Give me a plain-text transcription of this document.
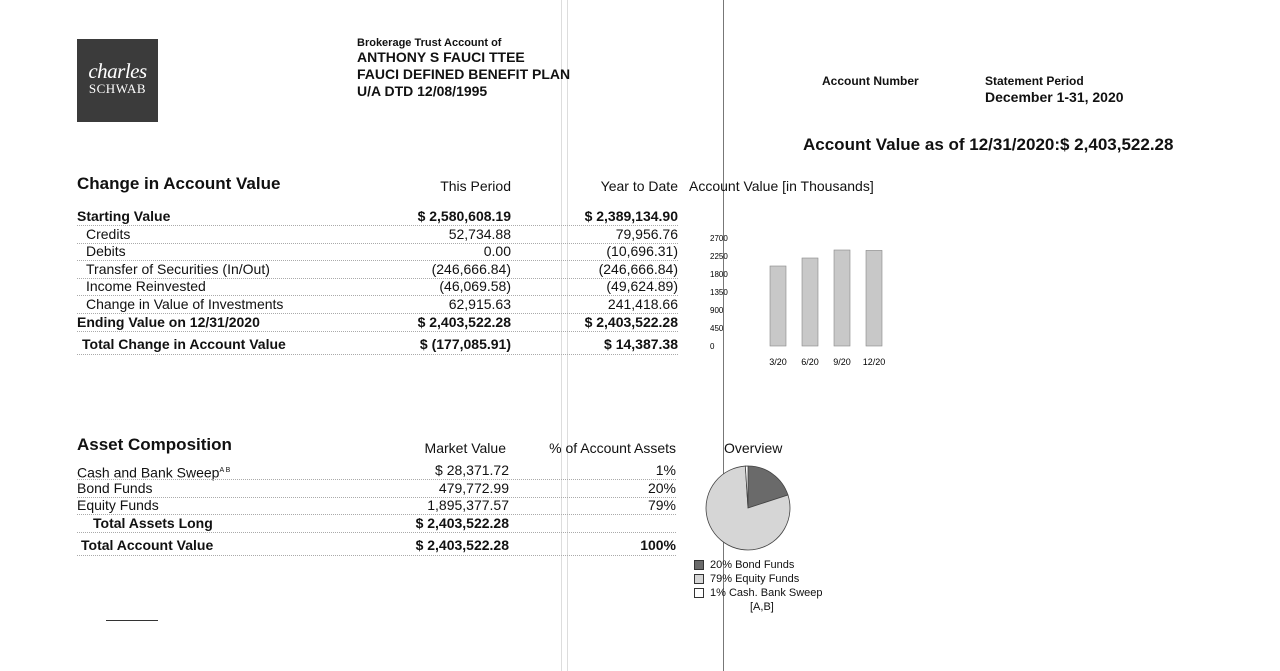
charles
SCHWAB
Brokerage Trust Account of
ANTHONY S FAUCI TTEE
FAUCI DEFINED BENEFIT PLAN
U/A DTD 12/08/1995
Account Number	Statement Period
December 1-31, 2020
Account Value as of 12/31/2020:$ 2,403,522.28
Change in Account Value	This Period	Year to Date
Starting Value	$ 2,580,608.19	$ 2,389,134.90
Credits	52,734.88	79,956.76
Debits	0.00	(10,696.31)
Transfer of Securities (In/Out)	(246,666.84)	(246,666.84)
Income Reinvested	(46,069.58)	(49,624.89)
Change in Value of Investments	62,915.63	241,418.66
Ending Value on 12/31/2020	$ 2,403,522.28	$ 2,403,522.28
Total Change in Account Value	$ (177,085.91)	$ 14,387.38
Account Value [in Thousands]
2700
2250
1800
1350
900
450
0
3/20 6/20 9/20 12/20
Asset Composition	Market Value	% of Account Assets
Cash and Bank Sweep$^{A B}$	$ 28,371.72	1%
Bond Funds	479,772.99	20%
Equity Funds	1,895,377.57	79%
Total Assets Long	$ 2,403,522.28
Total Account Value	$ 2,403,522.28	100%
Overview
20% Bond Funds
79% Equity Funds
1% Cash. Bank Sweep
[A,B]
